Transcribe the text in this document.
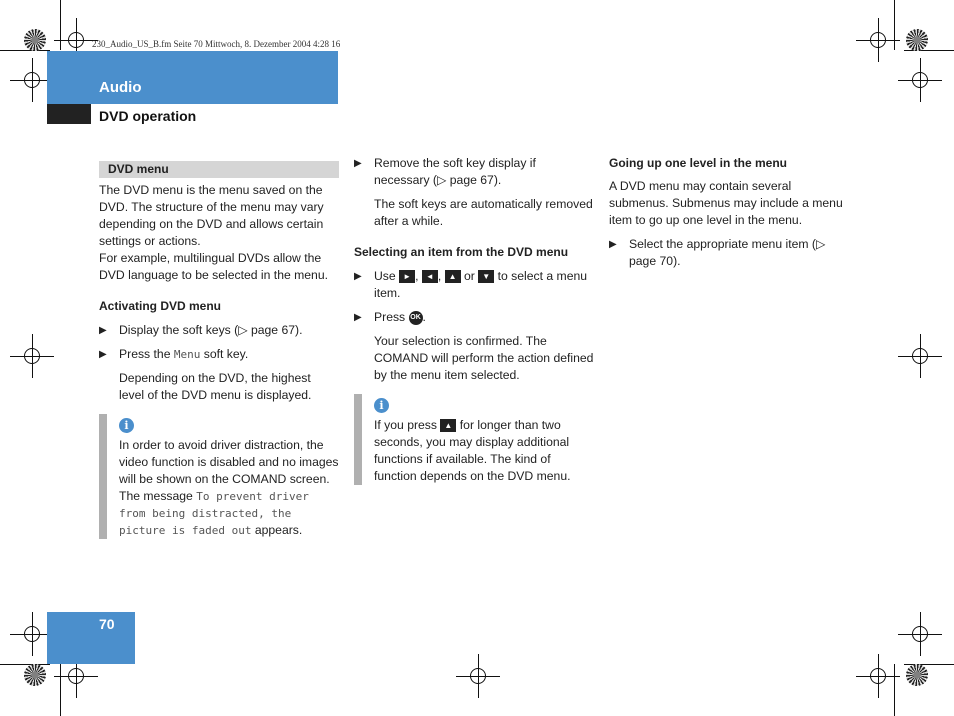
230_Audio_US_B.fm Seite 70 Mittwoch, 8. Dezember 2004 4:28 16
Audio
DVD operation
DVD menu

The DVD menu is the menu saved on the DVD. The structure of the menu may vary depending on the DVD and allows certain settings or actions.

For example, multilingual DVDs allow the DVD language to be selected in the menu.

Activating DVD menu
▶ Display the soft keys (▷ page 67).
▶ Press the Menu soft key.
Depending on the DVD, the highest level of the DVD menu is displayed.
i

In order to avoid driver distraction, the video function is disabled and no images will be shown on the COMAND screen. The message To prevent driver from being distracted, the picture is faded out appears.

▶ Remove the soft key display if necessary (▷ page 67).
The soft keys are automatically removed after a while.
Selecting an item from the DVD menu
▶ Use ► , ◄ , ▲ or ▼ to select a menu item.
▶ Press OK .
Your selection is confirmed. The COMAND will perform the action defined by the menu item selected.
i

If you press ▲ for longer than two seconds, you may display additional functions if available. The kind of function depends on the DVD menu.

Going up one level in the menu

A DVD menu may contain several submenus. Submenus may include a menu item to go up one level in the menu.

▶ Select the appropriate menu item (▷ page 70).
70
